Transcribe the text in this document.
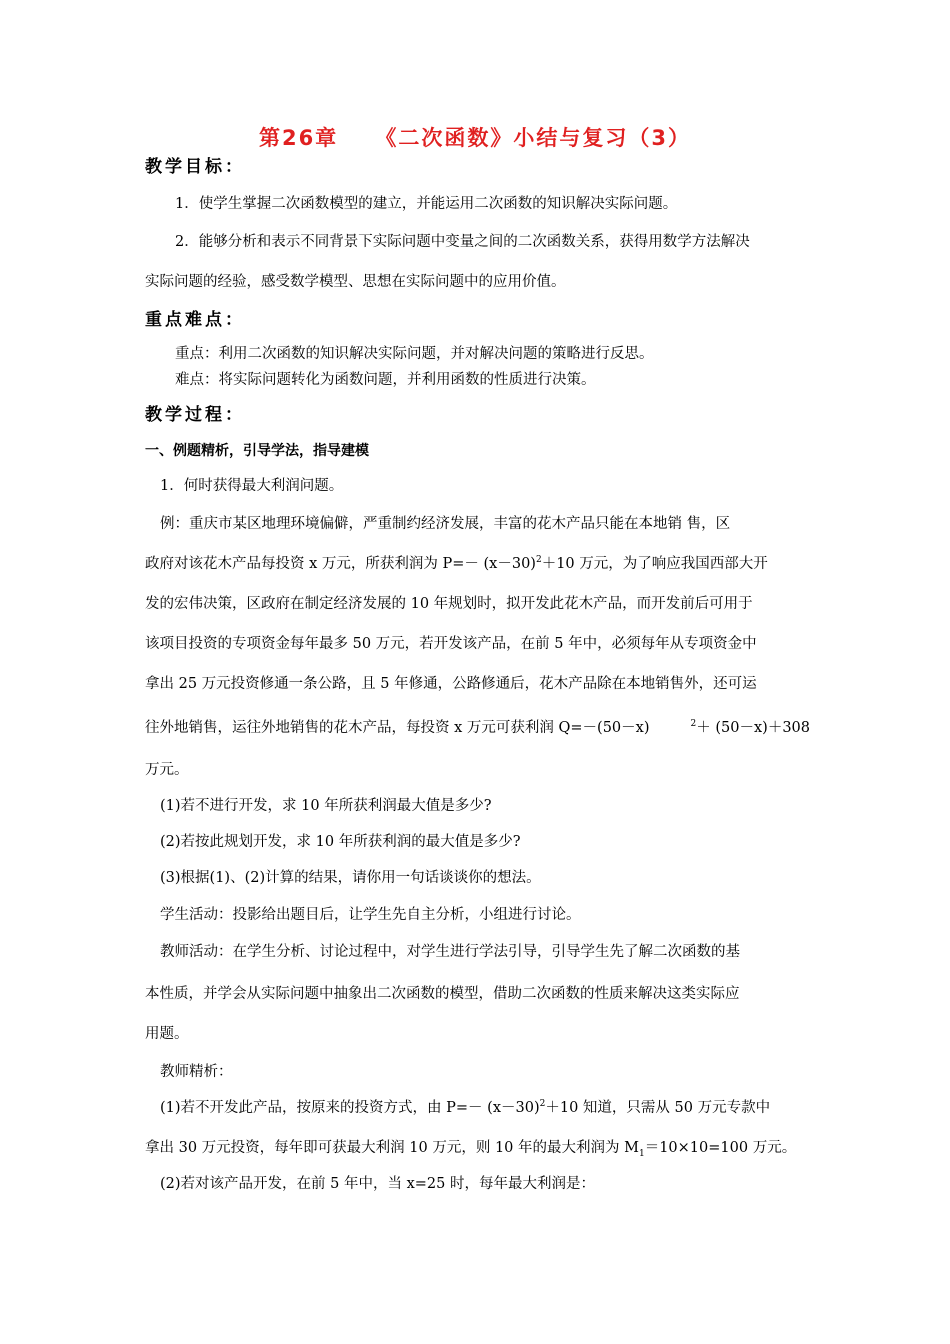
第26章    《二次函数》小结与复习（3）
教学目标：
1．使学生掌握二次函数模型的建立，并能运用二次函数的知识解决实际问题。
2．能够分析和表示不同背景下实际问题中变量之间的二次函数关系，获得用数学方法解决
实际问题的经验，感受数学模型、思想在实际问题中的应用价值。
重点难点：
重点：利用二次函数的知识解决实际问题，并对解决问题的策略进行反思。
难点：将实际问题转化为函数问题，并利用函数的性质进行决策。
教学过程：
一、例题精析，引导学法，指导建模
1．何时获得最大利润问题。
例：重庆市某区地理环境偏僻，严重制约经济发展，丰富的花木产品只能在本地销 售，区
政府对该花木产品每投资 x 万元，所获利润为 $P=- (x-30)^2+10$ 万元，为了响应我国西部大开
发的宏伟决策，区政府在制定经济发展的 10 年规划时，拟开发此花木产品，而开发前后可用于
该项目投资的专项资金每年最多 50 万元，若开发该产品，在前 5 年中，必须每年从专项资金中
拿出 25 万元投资修通一条公路，且 5 年修通，公路修通后，花木产品除在本地销售外，还可运
往外地销售，运往外地销售的花木产品，每投资 x 万元可获利润 Q=－(50－x)	$^2$＋ (50－x)＋308
万元。
(1)若不进行开发，求 10 年所获利润最大值是多少?
(2)若按此规划开发，求 10 年所获利润的最大值是多少?
(3)根据(1)、(2)计算的结果，请你用一句话谈谈你的想法。
学生活动：投影给出题目后，让学生先自主分析，小组进行讨论。
教师活动：在学生分析、讨论过程中，对学生进行学法引导，引导学生先了解二次函数的基
本性质，并学会从实际问题中抽象出二次函数的模型，借助二次函数的性质来解决这类实际应
用题。
教师精析：
(1)若不开发此产品，按原来的投资方式，由 $P=- (x-30)^2+10$ 知道，只需从 50 万元专款中
拿出 30 万元投资，每年即可获最大利润 10 万元，则 10 年的最大利润为 $M_1=10\times 10=100$ 万元。
(2)若对该产品开发，在前 5 年中，当 x=25 时，每年最大利润是：
